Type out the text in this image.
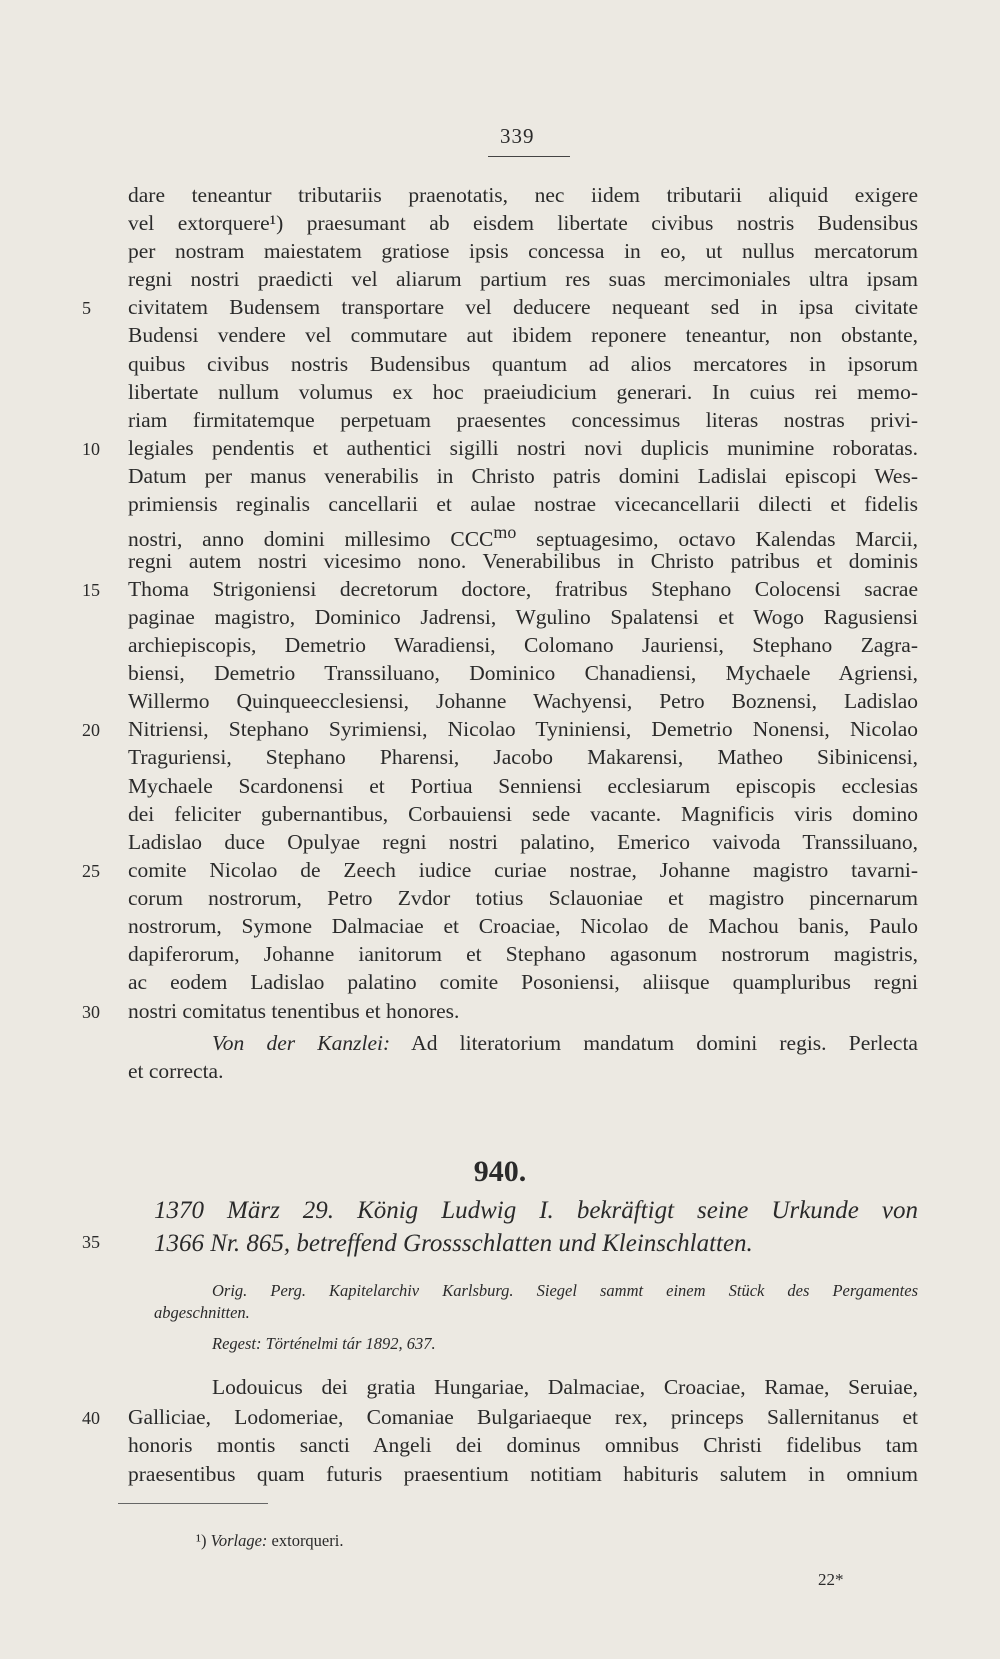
339
dare teneantur tributariis praenotatis, nec iidem tributarii aliquid exigere
vel extorquere¹) praesumant ab eisdem libertate civibus nostris Budensibus
per nostram maiestatem gratiose ipsis concessa in eo, ut nullus mercatorum
regni nostri praedicti vel aliarum partium res suas mercimoniales ultra ipsam
civitatem Budensem transportare vel deducere nequeant sed in ipsa civitate
Budensi vendere vel commutare aut ibidem reponere teneantur, non obstante,
quibus civibus nostris Budensibus quantum ad alios mercatores in ipsorum
libertate nullum volumus ex hoc praeiudicium generari. In cuius rei memo-
riam firmitatemque perpetuam praesentes concessimus literas nostras privi-
legiales pendentis et authentici sigilli nostri novi duplicis munimine roboratas.
Datum per manus venerabilis in Christo patris domini Ladislai episcopi Wes-
primiensis reginalis cancellarii et aulae nostrae vicecancellarii dilecti et fidelis
nostri, anno domini millesimo $CCC^{mo}$ septuagesimo, octavo Kalendas Marcii,
regni autem nostri vicesimo nono. Venerabilibus in Christo patribus et dominis
Thoma Strigoniensi decretorum doctore, fratribus Stephano Colocensi sacrae
paginae magistro, Dominico Jadrensi, Wgulino Spalatensi et Wogo Ragusiensi
archiepiscopis, Demetrio Waradiensi, Colomano Jauriensi, Stephano Zagra-
biensi, Demetrio Transsiluano, Dominico Chanadiensi, Mychaele Agriensi,
Willermo Quinqueecclesiensi, Johanne Wachyensi, Petro Boznensi, Ladislao
Nitriensi, Stephano Syrimiensi, Nicolao Tyniniensi, Demetrio Nonensi, Nicolao
Traguriensi, Stephano Pharensi, Jacobo Makarensi, Matheo Sibinicensi,
Mychaele Scardonensi et Portiua Senniensi ecclesiarum episcopis ecclesias
dei feliciter gubernantibus, Corbauiensi sede vacante. Magnificis viris domino
Ladislao duce Opulyae regni nostri palatino, Emerico vaivoda Transsiluano,
comite Nicolao de Zeech iudice curiae nostrae, Johanne magistro tavarni-
corum nostrorum, Petro Zvdor totius Sclauoniae et magistro pincernarum
nostrorum, Symone Dalmaciae et Croaciae, Nicolao de Machou banis, Paulo
dapiferorum, Johanne ianitorum et Stephano agasonum nostrorum magistris,
ac eodem Ladislao palatino comite Posoniensi, aliisque quampluribus regni
nostri comitatus tenentibus et honores.
Von der Kanzlei: Ad literatorium mandatum domini regis. Perlecta
et correcta.
940.
1370 März 29. König Ludwig I. bekräftigt seine Urkunde von
1366 Nr. 865, betreffend Grossschlatten und Kleinschlatten.
Orig. Perg. Kapitelarchiv Karlsburg. Siegel sammt einem Stück des Pergamentes
abgeschnitten.
Regest: Történelmi tár 1892, 637.
Lodouicus dei gratia Hungariae, Dalmaciae, Croaciae, Ramae, Seruiae,
Galliciae, Lodomeriae, Comaniae Bulgariaeque rex, princeps Sallernitanus et
honoris montis sancti Angeli dei dominus omnibus Christi fidelibus tam
praesentibus quam futuris praesentium notitiam habituris salutem in omnium
5
10
15
20
25
30
35
40
¹) Vorlage: extorqueri.
22*
